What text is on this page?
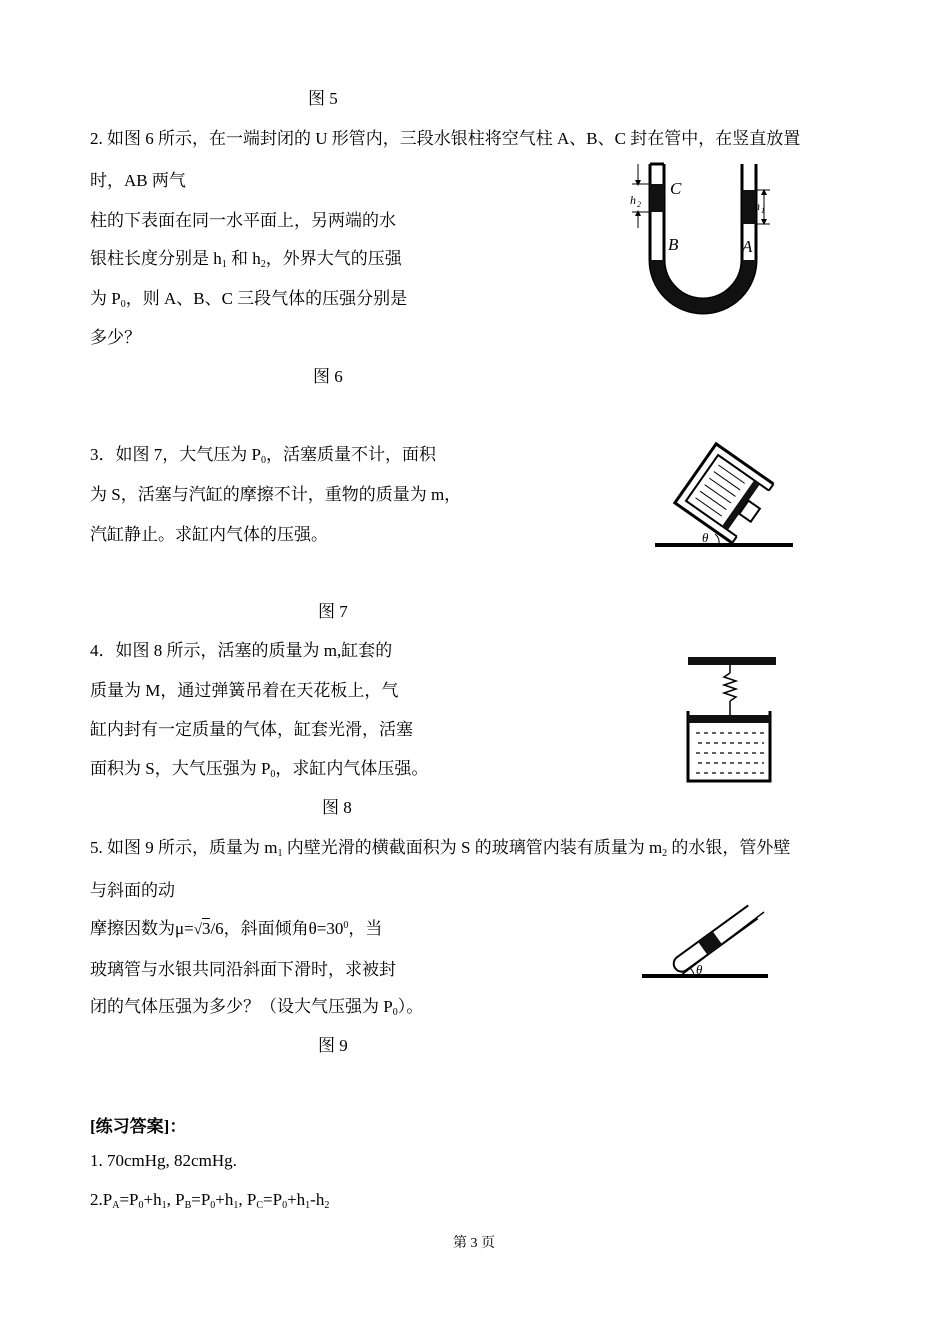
图 5
2. 如图 6 所示，在一端封闭的 U 形管内，三段水银柱将空气柱 A、B、C 封在管中，在竖直放置
时，AB 两气
柱的下表面在同一水平面上，另两端的水
银柱长度分别是 $h_1$ 和 $h_2$，外界大气的压强
为 $P_0$，则 A、B、C 三段气体的压强分别是
多少？
图 6
C
B	A
h 2	h 1
3．如图 7，大气压为 $P_0$，活塞质量不计，面积
为 S，活塞与汽缸的摩擦不计，重物的质量为 m，
汽缸静止。求缸内气体的压强。
图 7
θ
4．如图 8 所示，活塞的质量为 m,缸套的
质量为 M，通过弹簧吊着在天花板上，气
缸内封有一定质量的气体，缸套光滑，活塞
面积为 S，大气压强为 $P_0$，求缸内气体压强。
图 8
5. 如图 9 所示，质量为 $m_1$ 内壁光滑的横截面积为 S 的玻璃管内装有质量为 $m_2$ 的水银，管外壁
与斜面的动
摩擦因数为μ=√3/6，斜面倾角$\theta=30^0$，当
玻璃管与水银共同沿斜面下滑时，求被封
闭的气体压强为多少？（设大气压强为 $P_0$）。
图 9
θ
[练习答案]：
1. 70cmHg, 82cmHg.
$2.P_A=P_0+h_1$, $P_B=P_0+h_1$, $P_C=P_0+h_1-h_2$
第 3 页
